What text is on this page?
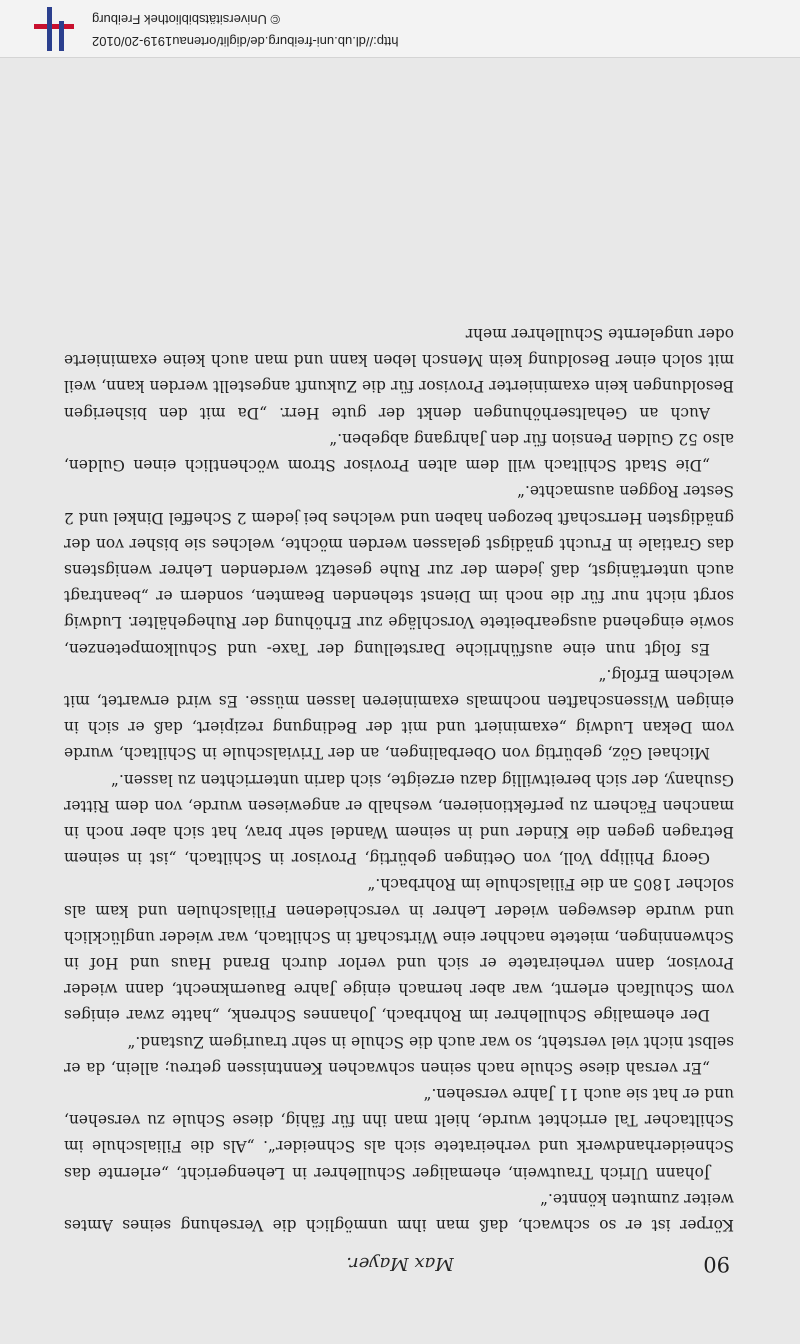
90
Max Mayer.

Körper ist er so schwach, daß man ihm unmöglich die Versehung seines Amtes weiter zumuten könnte.“

Johann Ulrich Trautwein, ehemaliger Schullehrer in Lehengericht, „erlernte das Schneiderhandwerk und verheiratete sich als Schneider“. „Als die Filialschule im Schiltacher Tal errichtet wurde, hielt man ihn für fähig, diese Schule zu versehen, und er hat sie auch 11 Jahre versehen.“

„Er versah diese Schule nach seinen schwachen Kenntnissen getreu; allein, da er selbst nicht viel versteht, so war auch die Schule in sehr traurigem Zustand.“

Der ehemalige Schullehrer im Rohrbach, Johannes Schrenk, „hatte zwar einiges vom Schulfach erlernt, war aber hernach einige Jahre Bauernknecht, dann wieder Provisor, dann verheiratete er sich und verlor durch Brand Haus und Hof in Schwenningen, mietete nachher eine Wirtschaft in Schiltach, war wieder unglücklich und wurde deswegen wieder Lehrer in verschiedenen Filialschulen und kam als solcher 1805 an die Filialschule im Rohrbach.“

Georg Philipp Voll, von Oetingen gebürtig, Provisor in Schiltach, „ist in seinem Betragen gegen die Kinder und in seinem Wandel sehr brav, hat sich aber noch in manchen Fächern zu perfektionieren, weshalb er angewiesen wurde, von dem Ritter Gsuhany, der sich bereitwillig dazu erzeigte, sich darin unterrichten zu lassen.“

Michael Göz, gebürtig von Oberbalingen, an der Trivialschule in Schiltach, wurde vom Dekan Ludwig „examiniert und mit der Bedingung rezipiert, daß er sich in einigen Wissenschaften nochmals examinieren lassen müsse. Es wird erwartet, mit welchem Erfolg.“

Es folgt nun eine ausführliche Darstellung der Taxe- und Schulkompetenzen, sowie eingehend ausgearbeitete Vorschläge zur Erhöhung der Ruhegehälter. Ludwig sorgt nicht nur für die noch im Dienst stehenden Beamten, sondern er „beantragt auch untertänigst, daß jedem der zur Ruhe gesetzt werdenden Lehrer wenigstens das Gratiale in Frucht gnädigst gelassen werden möchte, welches sie bisher von der gnädigsten Herrschaft bezogen haben und welches bei jedem 2 Scheffel Dinkel und 2 Sester Roggen ausmachte.“

„Die Stadt Schiltach will dem alten Provisor Strom wöchentlich einen Gulden, also 52 Gulden Pension für den Jahrgang abgeben.“

Auch an Gehaltserhöhungen denkt der gute Herr. „Da mit den bisherigen Besoldungen kein examinierter Provisor für die Zukunft angestellt werden kann, weil mit solch einer Besoldung kein Mensch leben kann und man auch keine examinierte oder ungelernte Schullehrer mehr

http://dl.ub.uni-freiburg.de/diglit/ortenau1919-20/0102
© Universitätsbibliothek Freiburg
